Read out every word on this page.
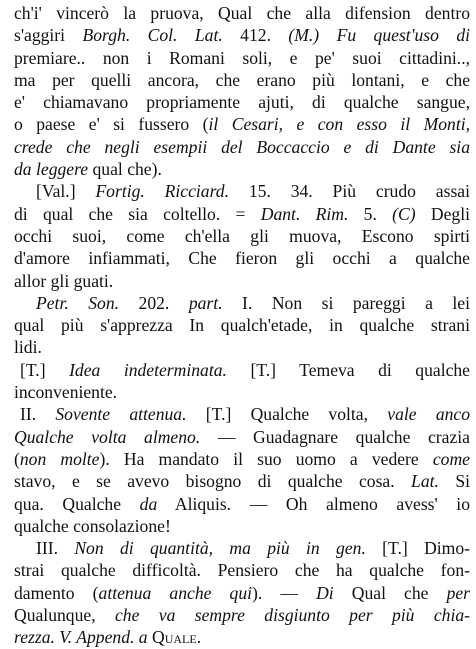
ch'i' vincerò la pruova, Qual che alla difension dentro
s'aggiri Borgh. Col. Lat. 412. (M.) Fu quest'uso di
premiare.. non i Romani soli, e pe' suoi cittadini..,
ma per quelli ancora, che erano più lontani, e che
e' chiamavano propriamente ajuti, di qualche sangue,
o paese e' si fussero (il Cesari, e con esso il Monti,
crede che negli esempii del Boccaccio e di Dante sia
da leggere qual che).
[Val.] Fortig. Ricciard. 15. 34. Più crudo assai
di qual che sia coltello. = Dant. Rim. 5. (C) Degli
occhi suoi, come ch'ella gli muova, Escono spirti
d'amore infiammati, Che fieron gli occhi a qualche
allor gli guati.
Petr. Son. 202. part. I. Non si pareggi a lei
qual più s'apprezza In qualch'etade, in qualche strani
lidi.
[T.] Idea indeterminata. [T.] Temeva di qualche
inconveniente.
II. Sovente attenua. [T.] Qualche volta, vale anco
Qualche volta almeno. — Guadagnare qualche crazia
(non molte). Ha mandato il suo uomo a vedere come
stavo, e se avevo bisogno di qualche cosa. Lat. Si
qua. Qualche da Aliquis. — Oh almeno avess' io
qualche consolazione!
III. Non di quantità, ma più in gen. [T.] Dimo-
strai qualche difficoltà. Pensiero che ha qualche fon-
damento (attenua anche qui). — Di Qual che per
Qualunque, che va sempre disgiunto per più chia-
rezza. V. Append. a Quale.
